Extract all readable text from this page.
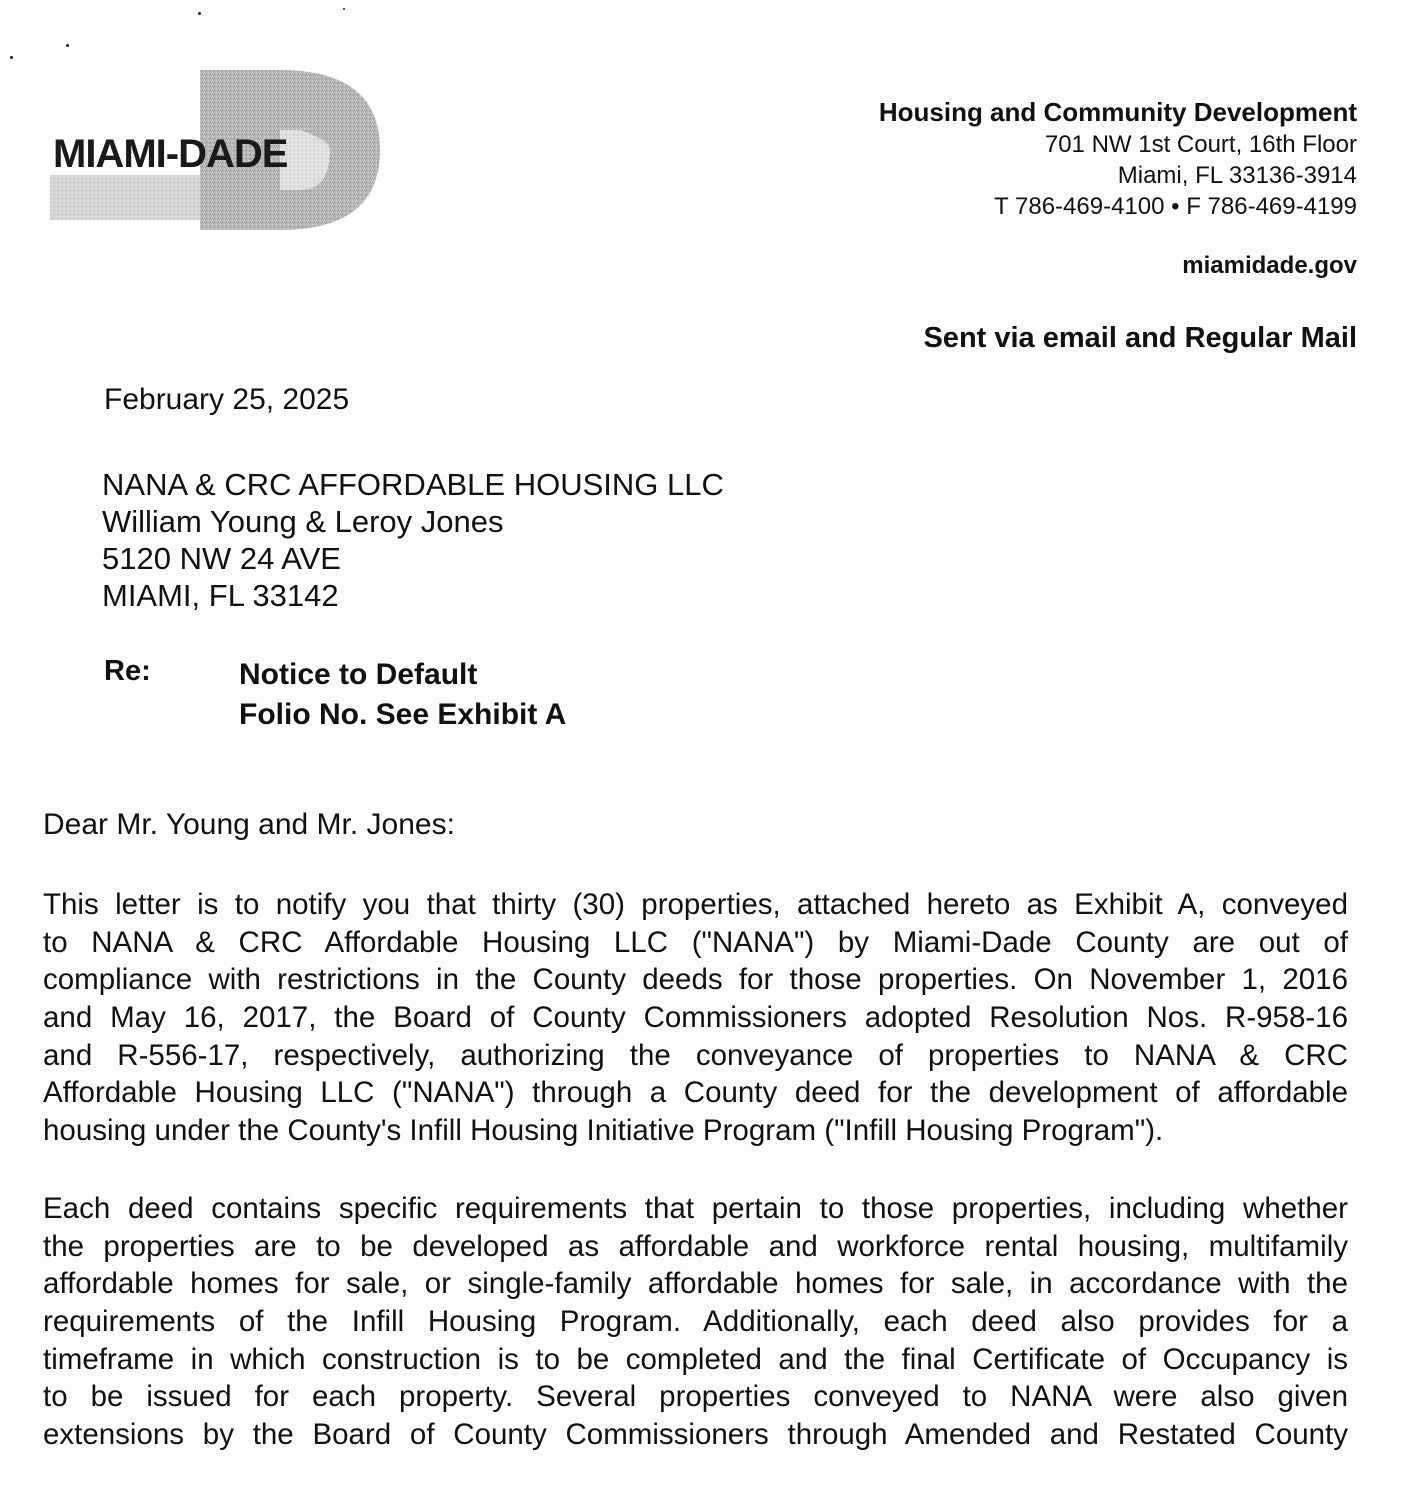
MIAMI-DADE
Housing and Community Development
701 NW 1st Court, 16th Floor
Miami, FL 33136-3914
T 786-469-4100 • F 786-469-4199
miamidade.gov
Sent via email and Regular Mail
February 25, 2025
NANA & CRC AFFORDABLE HOUSING LLC
William Young & Leroy Jones
5120 NW 24 AVE
MIAMI, FL 33142
Re:	Notice to Default
Folio No. See Exhibit A
Dear Mr. Young and Mr. Jones:
This letter is to notify you that thirty (30) properties, attached hereto as Exhibit A, conveyed
to NANA & CRC Affordable Housing LLC ("NANA") by Miami-Dade County are out of
compliance with restrictions in the County deeds for those properties. On November 1, 2016
and May 16, 2017, the Board of County Commissioners adopted Resolution Nos. R-958-16
and R-556-17, respectively, authorizing the conveyance of properties to NANA & CRC
Affordable Housing LLC ("NANA") through a County deed for the development of affordable
housing under the County's Infill Housing Initiative Program ("Infill Housing Program").
Each deed contains specific requirements that pertain to those properties, including whether
the properties are to be developed as affordable and workforce rental housing, multifamily
affordable homes for sale, or single-family affordable homes for sale, in accordance with the
requirements of the Infill Housing Program. Additionally, each deed also provides for a
timeframe in which construction is to be completed and the final Certificate of Occupancy is
to be issued for each property. Several properties conveyed to NANA were also given
extensions by the Board of County Commissioners through Amended and Restated County
